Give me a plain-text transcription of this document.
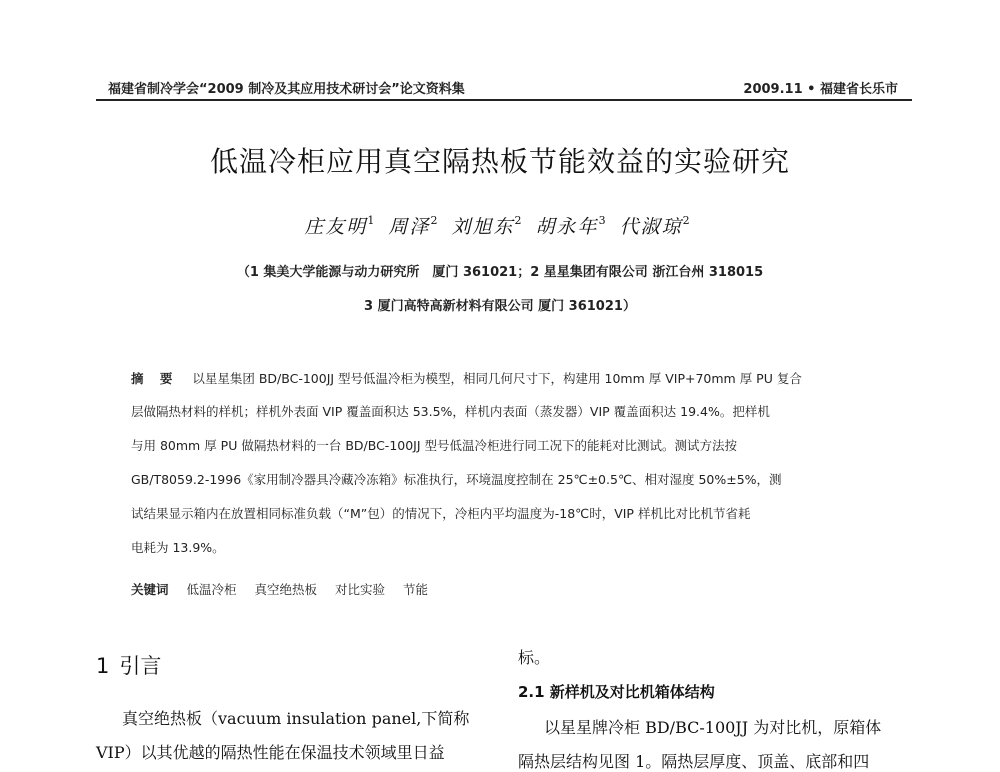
福建省制冷学会“2009 制冷及其应用技术研讨会”论文资料集	2009.11 • 福建省长乐市
低温冷柜应用真空隔热板节能效益的实验研究
庄友明$^1$ 周泽$^2$ 刘旭东$^2$ 胡永年$^3$ 代淑琼$^2$
（1 集美大学能源与动力研究所　厦门 361021；2 星星集团有限公司 浙江台州 318015
3 厦门高特高新材料有限公司 厦门 361021）
摘 要 以星星集团 BD/BC-100JJ 型号低温冷柜为模型，相同几何尺寸下，构建用 10mm 厚 VIP+70mm 厚 PU 复合
层做隔热材料的样机；样机外表面 VIP 覆盖面积达 53.5%，样机内表面（蒸发器）VIP 覆盖面积达 19.4%。把样机
与用 80mm 厚 PU 做隔热材料的一台 BD/BC-100JJ 型号低温冷柜进行同工况下的能耗对比测试。测试方法按
GB/T8059.2-1996《家用制冷器具冷藏冷冻箱》标准执行，环境温度控制在 25℃±0.5℃、相对湿度 50%±5%，测
试结果显示箱内在放置相同标准负载（“M”包）的情况下，冷柜内平均温度为-18℃时，VIP 样机比对比机节省耗
电耗为 13.9%。
关键词 低温冷柜 真空绝热板 对比实验 节能
1 引言
真空绝热板（vacuum insulation panel,下简称
VIP）以其优越的隔热性能在保温技术领域里日益
标。
2.1 新样机及对比机箱体结构
以星星牌冷柜 BD/BC-100JJ 为对比机，原箱体
隔热层结构见图 1。隔热层厚度、顶盖、底部和四
